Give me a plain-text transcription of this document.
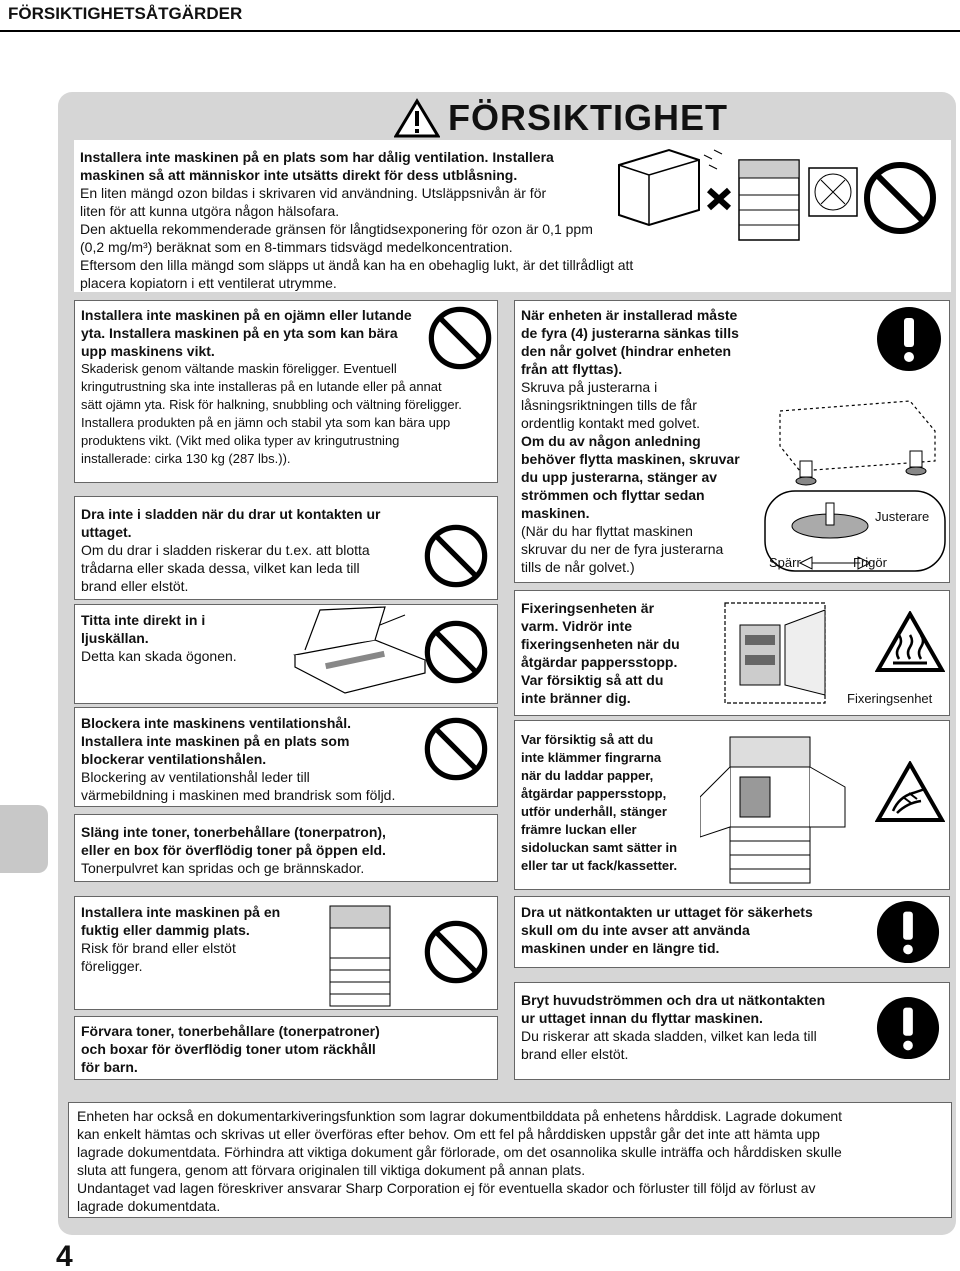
FÖRSIKTIGHETSÅTGÄRDER
FÖRSIKTIGHET

Installera inte maskinen på en plats som har dålig ventilation. Installera

maskinen så att människor inte utsätts direkt för dess utblåsning.

En liten mängd ozon bildas i skrivaren vid användning. Utsläppsnivån är för

liten för att kunna utgöra någon hälsofara.

Den aktuella rekommenderade gränsen för långtidsexponering för ozon är 0,1 ppm

(0,2 mg/m³) beräknat som en 8-timmars tidsvägd medelkoncentration.

Eftersom den lilla mängd som släpps ut ändå kan ha en obehaglig lukt, är det tillrådligt att

placera kopiatorn i ett ventilerat utrymme.

Installera inte maskinen på en ojämn eller lutande

yta. Installera maskinen på en yta som kan bära

upp maskinens vikt.

Skaderisk genom vältande maskin föreligger. Eventuell

kringutrustning ska inte installeras på en lutande eller på annat

sätt ojämn yta. Risk för halkning, snubbling och vältning föreligger.

Installera produkten på en jämn och stabil yta som kan bära upp

produktens vikt. (Vikt med olika typer av kringutrustning

installerade: cirka 130 kg (287 lbs.)).

När enheten är installerad måste

de fyra (4) justerarna sänkas tills

den når golvet (hindrar enheten

från att flyttas).

Skruva på justerarna i

låsningsriktningen tills de får

ordentlig kontakt med golvet.

Om du av någon anledning

behöver flytta maskinen, skruvar

du upp justerarna, stänger av

strömmen och flyttar sedan

maskinen.

(När du har flyttat maskinen

skruvar du ner de fyra justerarna

tills de når golvet.)

Justerare
Spärr	Frigör

Dra inte i sladden när du drar ut kontakten ur

uttaget.

Om du drar i sladden riskerar du t.ex. att blotta

trådarna eller skada dessa, vilket kan leda till

brand eller elstöt.

Titta inte direkt in i

ljuskällan.

Detta kan skada ögonen.

Fixeringsenheten är

varm. Vidrör inte

fixeringsenheten när du

åtgärdar pappersstopp.

Var försiktig så att du

inte bränner dig.	Fixeringsenhet

Blockera inte maskinens ventilationshål.

Installera inte maskinen på en plats som

blockerar ventilationshålen.

Blockering av ventilationshål leder till

värmebildning i maskinen med brandrisk som följd.

Var försiktig så att du

inte klämmer fingrarna

när du laddar papper,

åtgärdar pappersstopp,

utför underhåll, stänger

främre luckan eller

sidoluckan samt sätter in

eller tar ut fack/kassetter.

Släng inte toner, tonerbehållare (tonerpatron),

eller en box för överflödig toner på öppen eld.

Tonerpulvret kan spridas och ge brännskador.

Installera inte maskinen på en

fuktig eller dammig plats.

Risk för brand eller elstöt

föreligger.

Dra ut nätkontakten ur uttaget för säkerhets

skull om du inte avser att använda

maskinen under en längre tid.

Förvara toner, tonerbehållare (tonerpatroner)

och boxar för överflödig toner utom räckhåll

för barn.

Bryt huvudströmmen och dra ut nätkontakten

ur uttaget innan du flyttar maskinen.

Du riskerar att skada sladden, vilket kan leda till

brand eller elstöt.

Enheten har också en dokumentarkiveringsfunktion som lagrar dokumentbilddata på enhetens hårddisk. Lagrade dokument

kan enkelt hämtas och skrivas ut eller överföras efter behov. Om ett fel på hårddisken uppstår går det inte att hämta upp

lagrade dokumentdata. Förhindra att viktiga dokument går förlorade, om det osannolika skulle inträffa och hårddisken skulle

sluta att fungera, genom att förvara originalen till viktiga dokument på annan plats.

Undantaget vad lagen föreskriver ansvarar Sharp Corporation ej för eventuella skador och förluster till följd av förlust av

lagrade dokumentdata.

4
